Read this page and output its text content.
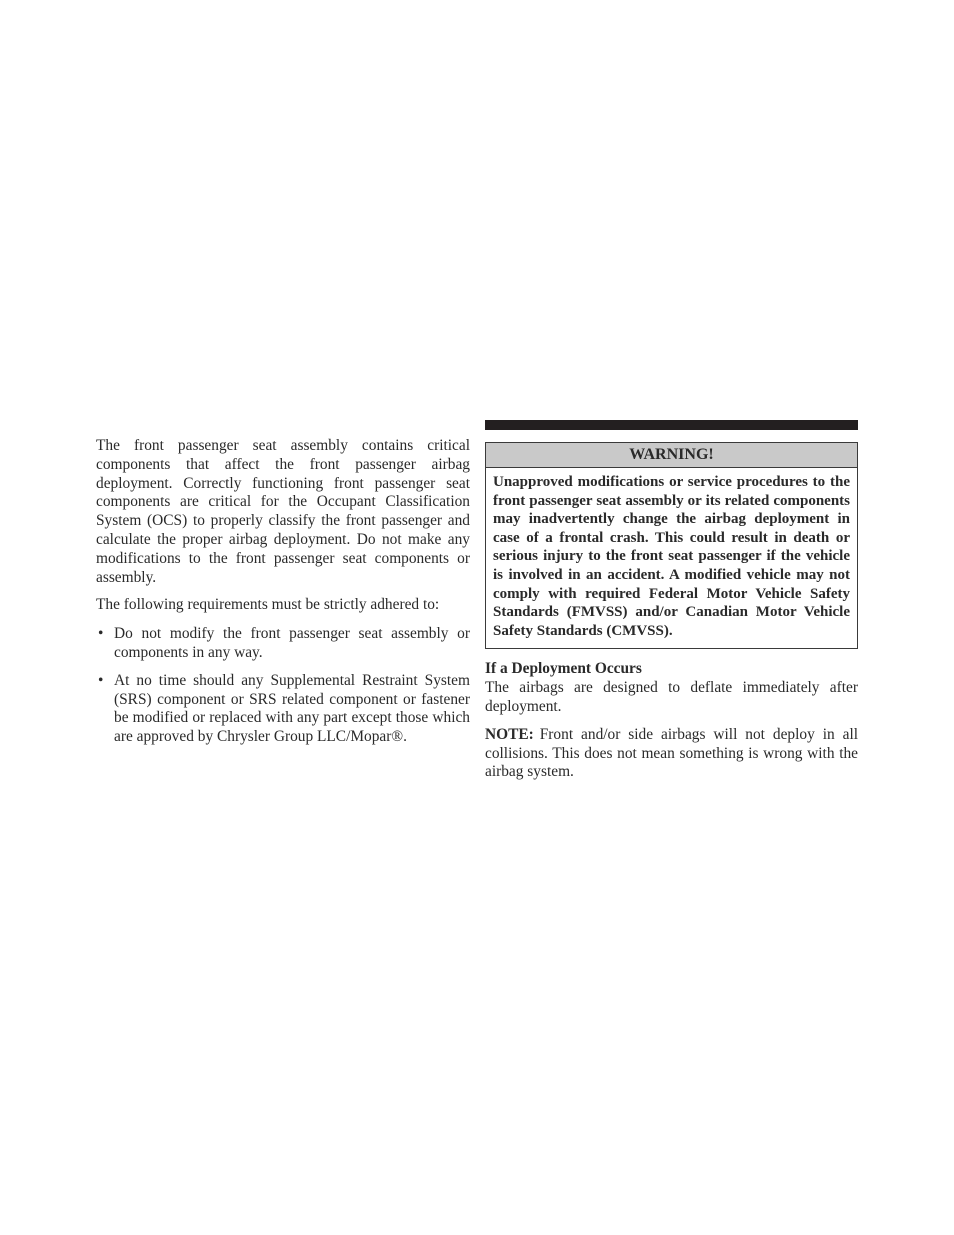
The front passenger seat assembly contains critical components that affect the front passenger airbag deployment. Correctly functioning front passenger seat components are critical for the Occupant Classification System (OCS) to properly classify the front passenger and calculate the proper airbag deployment. Do not make any modifications to the front passenger seat components or assembly.

The following requirements must be strictly adhered to:

• Do not modify the front passenger seat assembly or components in any way.
• At no time should any Supplemental Restraint System (SRS) component or SRS related component or fastener be modified or replaced with any part except those which are approved by Chrysler Group LLC/Mopar®.
WARNING!
Unapproved modifications or service procedures to the front passenger seat assembly or its related components may inadvertently change the airbag deployment in case of a frontal crash. This could result in death or serious injury to the front seat passenger if the vehicle is involved in an accident. A modified vehicle may not comply with required Federal Motor Vehicle Safety Standards (FMVSS) and/or Canadian Motor Vehicle Safety Standards (CMVSS).
If a Deployment Occurs

The airbags are designed to deflate immediately after deployment.

NOTE: Front and/or side airbags will not deploy in all collisions. This does not mean something is wrong with the airbag system.
